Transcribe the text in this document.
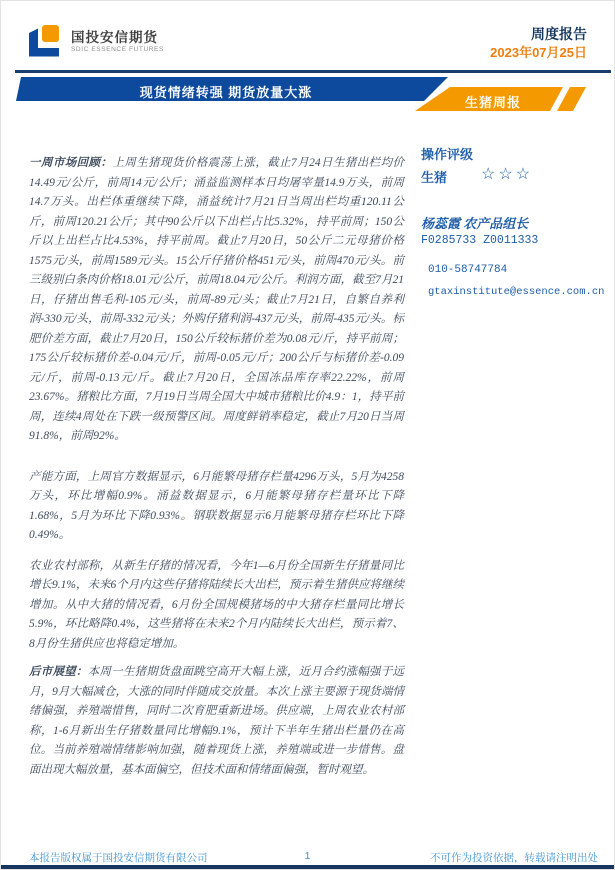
国投安信期货
SDIC ESSENCE FUTURES
周度报告
2023年07月25日
现货情绪转强 期货放量大涨
生猪周报
操作评级
生猪 ☆☆☆
杨蕊霞 农产品组长
F0285733 Z0011333
010-58747784
gtaxinstitute@essence.com.cn

一周市场回顾：上周生猪现货价格震荡上涨，截止7月24日生猪出栏均价14.49元/公斤，前周14元/公斤；涌益监测样本日均屠宰量14.9万头，前周14.7万头。出栏体重继续下降，涌益统计7月21日当周出栏均重120.11公斤，前周120.21公斤；其中90公斤以下出栏占比5.32%，持平前周；150公斤以上出栏占比4.53%，持平前周。截止7月20日，50公斤二元母猪价格1575元/头，前周1589元/头。15公斤仔猪价格451元/头，前周470元/头。前三级别白条肉价格18.01元/公斤，前周18.04元/公斤。利润方面，截至7月21日，仔猪出售毛利-105元/头，前周-89元/头；截止7月21日，自繁自养利润-330元/头，前周-332元/头；外购仔猪利润-437元/头，前周-435元/头。标肥价差方面，截止7月20日，150公斤较标猪价差为0.08元/斤，持平前周；175公斤较标猪价差-0.04元/斤，前周-0.05元/斤；200公斤与标猪价差-0.09元/斤，前周-0.13元/斤。截止7月20日，全国冻品库存率22.22%，前周23.67%。猪粮比方面，7月19日当周全国大中城市猪粮比价4.9：1，持平前周，连续4周处在下跌一级预警区间。周度鲜销率稳定，截止7月20日当周91.8%，前周92%。

产能方面，上周官方数据显示，6月能繁母猪存栏量4296万头，5月为4258万头，环比增幅0.9%。涌益数据显示，6月能繁母猪存栏量环比下降1.68%，5月为环比下降0.93%。钢联数据显示6月能繁母猪存栏环比下降0.49%。

农业农村部称，从新生仔猪的情况看，今年1—6月份全国新生仔猪量同比增长9.1%，未来6个月内这些仔猪将陆续长大出栏，预示着生猪供应将继续增加。从中大猪的情况看，6月份全国规模猪场的中大猪存栏量同比增长5.9%，环比略降0.4%，这些猪将在未来2个月内陆续长大出栏，预示着7、8月份生猪供应也将稳定增加。

后市展望：本周一生猪期货盘面跳空高开大幅上涨，近月合约涨幅强于远月，9月大幅减仓，大涨的同时伴随成交放量。本次上涨主要源于现货端情绪偏强，养殖端惜售，同时二次育肥重新进场。供应端，上周农业农村部称，1-6月新出生仔猪数量同比增幅9.1%，预计下半年生猪出栏量仍在高位。当前养殖端情绪影响加强，随着现货上涨，养殖端或进一步惜售。盘面出现大幅放量，基本面偏空，但技术面和情绪面偏强，暂时观望。

本报告版权属于国投安信期货有限公司	1	不可作为投资依据，转载请注明出处
